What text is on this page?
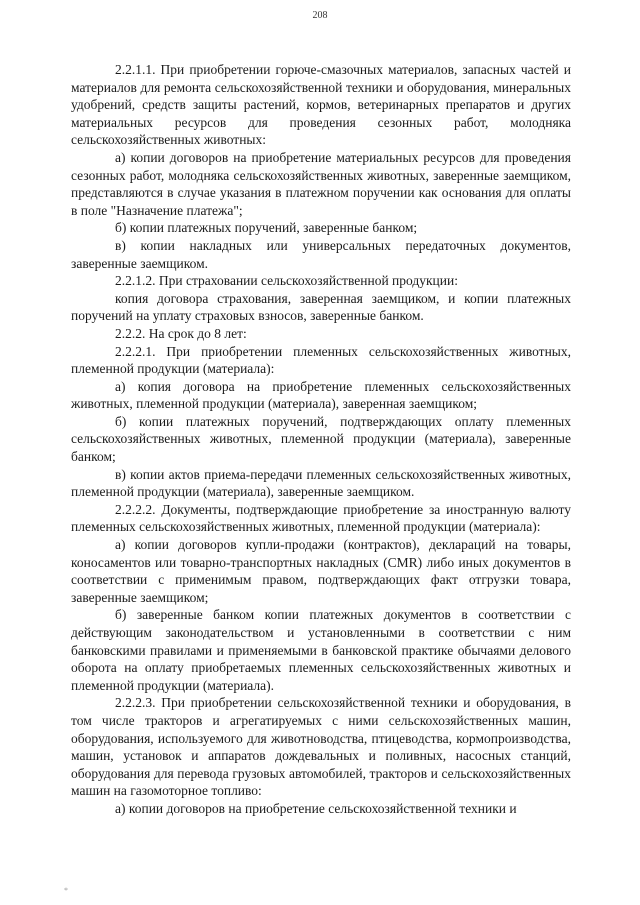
208

2.2.1.1. При приобретении горюче-смазочных материалов, запасных частей и материалов для ремонта сельскохозяйственной техники и оборудования, минеральных удобрений, средств защиты растений, кормов, ветеринарных препаратов и других материальных ресурсов для проведения сезонных работ, молодняка сельскохозяйственных животных:

а) копии договоров на приобретение материальных ресурсов для проведения сезонных работ, молодняка сельскохозяйственных животных, заверенные заемщиком, представляются в случае указания в платежном поручении как основания для оплаты в поле "Назначение платежа";

б) копии платежных поручений, заверенные банком;

в) копии накладных или универсальных передаточных документов, заверенные заемщиком.

2.2.1.2. При страховании сельскохозяйственной продукции:

копия договора страхования, заверенная заемщиком, и копии платежных поручений на уплату страховых взносов, заверенные банком.

2.2.2. На срок до 8 лет:

2.2.2.1. При приобретении племенных сельскохозяйственных животных, племенной продукции (материала):

а) копия договора на приобретение племенных сельскохозяйственных животных, племенной продукции (материала), заверенная заемщиком;

б) копии платежных поручений, подтверждающих оплату племенных сельскохозяйственных животных, племенной продукции (материала), заверенные банком;

в) копии актов приема-передачи племенных сельскохозяйственных животных, племенной продукции (материала), заверенные заемщиком.

2.2.2.2. Документы, подтверждающие приобретение за иностранную валюту племенных сельскохозяйственных животных, племенной продукции (материала):

а) копии договоров купли-продажи (контрактов), деклараций на товары, коносаментов или товарно-транспортных накладных (CMR) либо иных документов в соответствии с применимым правом, подтверждающих факт отгрузки товара, заверенные заемщиком;

б) заверенные банком копии платежных документов в соответствии с действующим законодательством и установленными в соответствии с ним банковскими правилами и применяемыми в банковской практике обычаями делового оборота на оплату приобретаемых племенных сельскохозяйственных животных и племенной продукции (материала).

2.2.2.3. При приобретении сельскохозяйственной техники и оборудования, в том числе тракторов и агрегатируемых с ними сельскохозяйственных машин, оборудования, используемого для животноводства, птицеводства, кормопроизводства, машин, установок и аппаратов дождевальных и поливных, насосных станций, оборудования для перевода грузовых автомобилей, тракторов и сельскохозяйственных машин на газомоторное топливо:

а) копии договоров на приобретение сельскохозяйственной техники и

*
